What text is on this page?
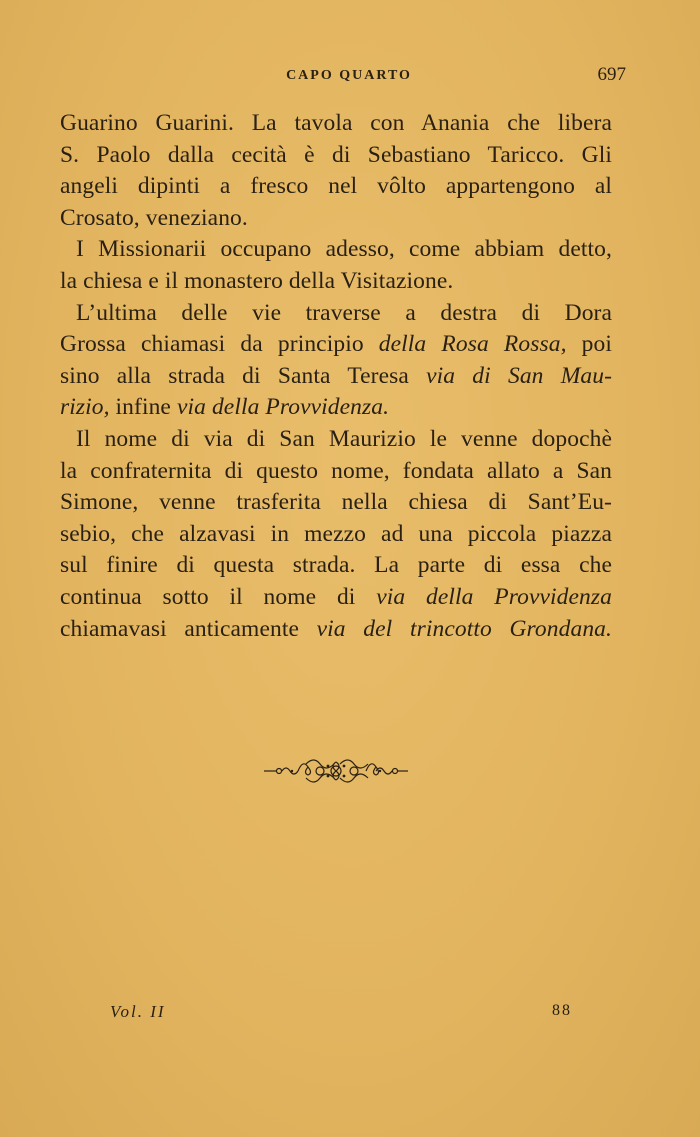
CAPO QUARTO	697
Guarino Guarini. La tavola con Anania che libera
S. Paolo dalla cecità è di Sebastiano Taricco. Gli
angeli dipinti a fresco nel vôlto appartengono al
Crosato, veneziano.
I Missionarii occupano adesso, come abbiam detto,
la chiesa e il monastero della Visitazione.
L’ultima delle vie traverse a destra di Dora
Grossa chiamasi da principio della Rosa Rossa, poi
sino alla strada di Santa Teresa via di San Mau-
rizio, infine via della Provvidenza.
Il nome di via di San Maurizio le venne dopochè
la confraternita di questo nome, fondata allato a San
Simone, venne trasferita nella chiesa di Sant’Eu-
sebio, che alzavasi in mezzo ad una piccola piazza
sul finire di questa strada. La parte di essa che
continua sotto il nome di via della Provvidenza
chiamavasi anticamente via del trincotto Grondana.
Vol. II	88
